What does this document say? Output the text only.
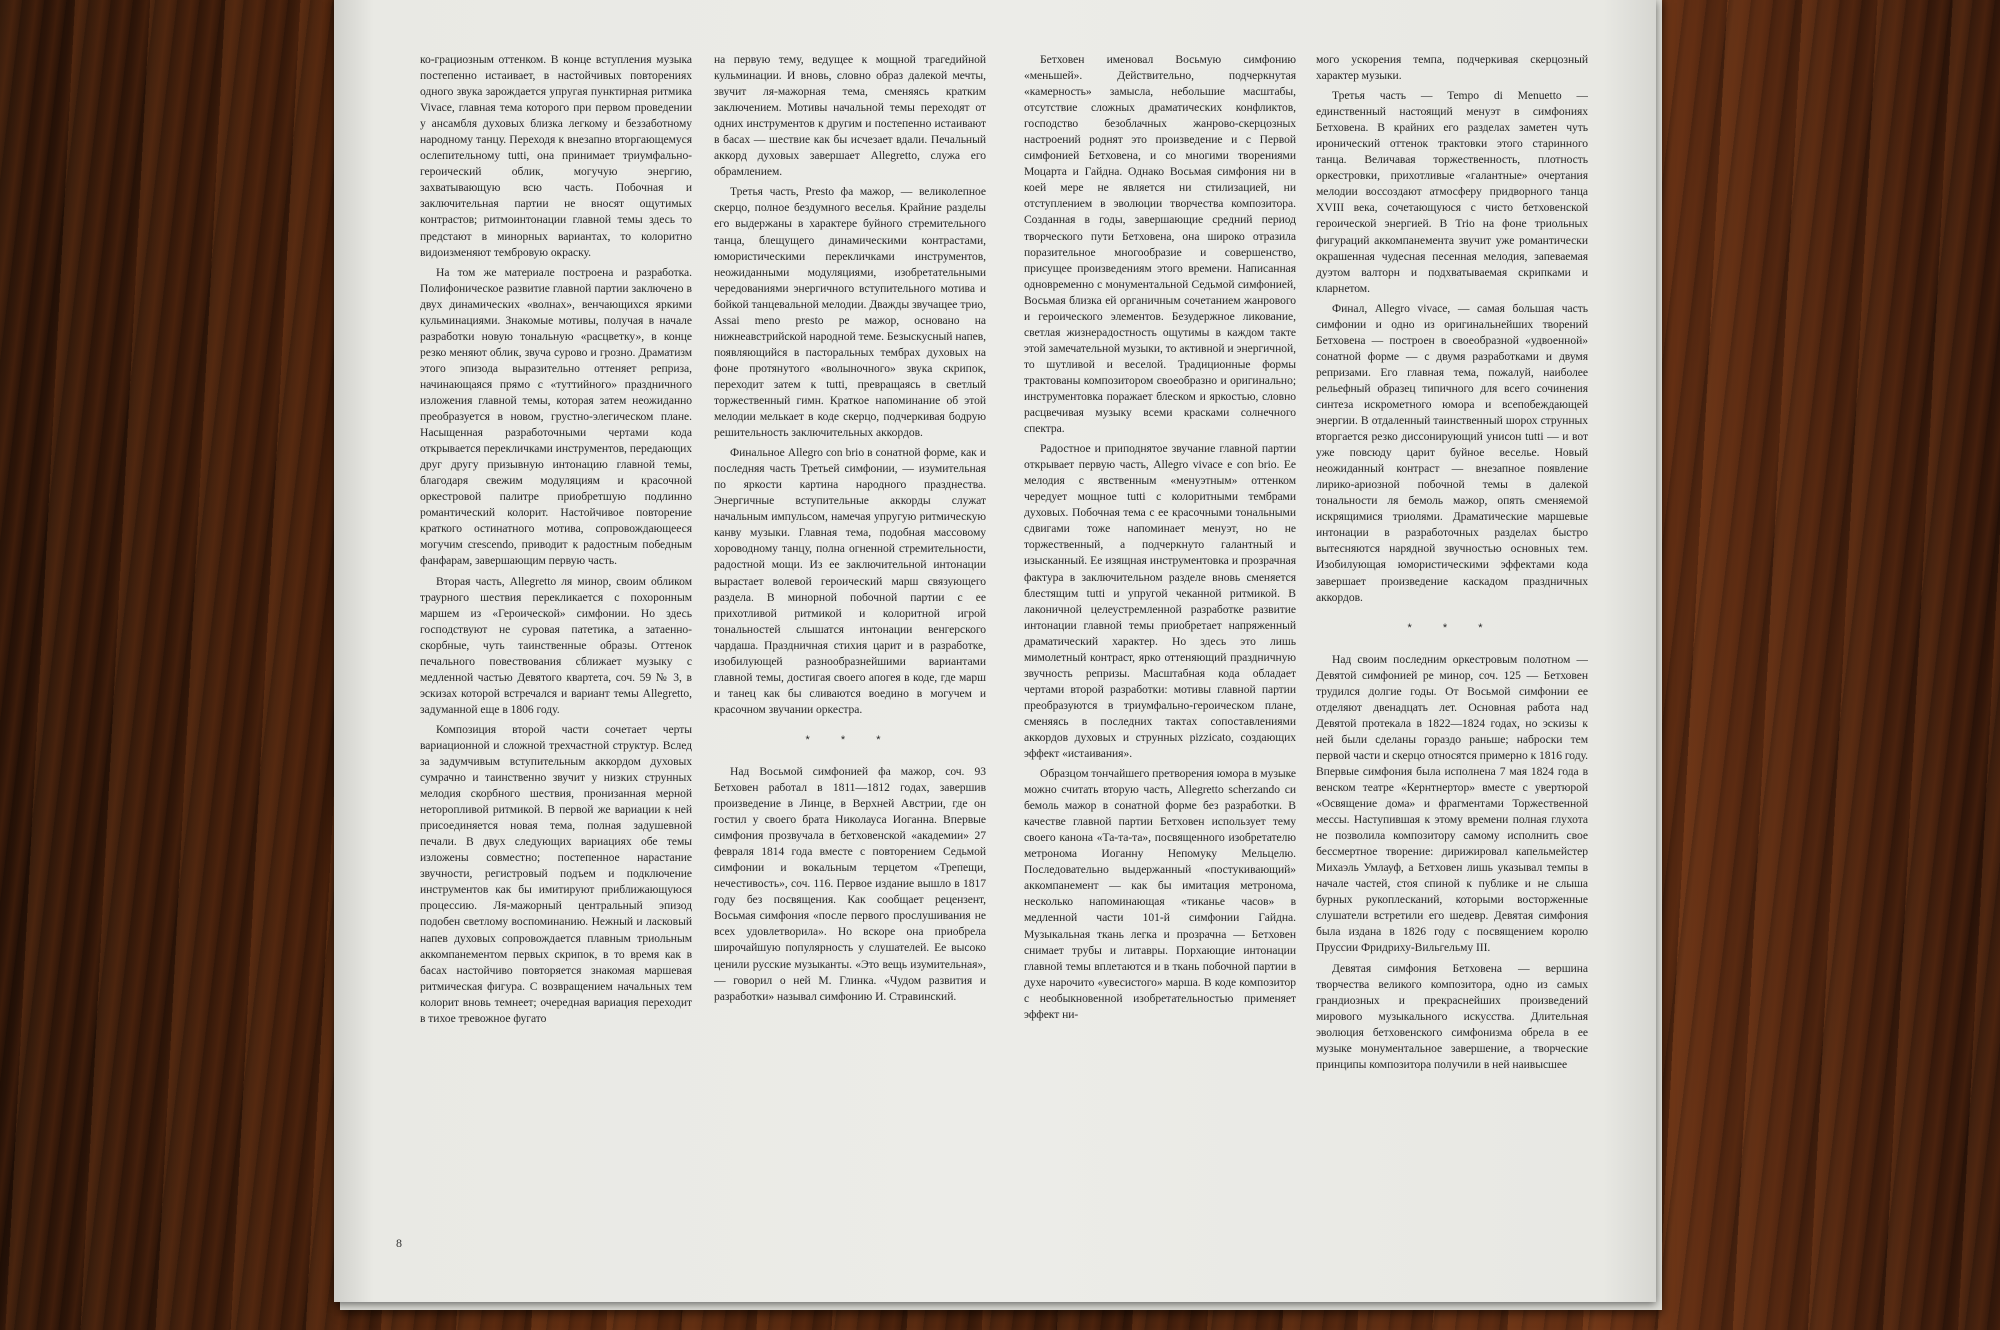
ко-грациозным оттенком. В конце вступления музыка постепенно истаивает, в настойчивых повторениях одного звука зарождается упругая пунктирная ритмика Vivace, главная тема которого при первом проведении у ансамбля духовых близка легкому и беззаботному народному танцу. Переходя к внезапно вторгающемуся ослепительному tutti, она принимает триумфально-героический облик, могучую энергию, захватывающую всю часть. Побочная и заключительная партии не вносят ощутимых контрастов; ритмоинтонации главной темы здесь то предстают в минорных вариантах, то колоритно видоизменяют тембровую окраску.

На том же материале построена и разработка. Полифоническое развитие главной партии заключено в двух динамических «волнах», венчающихся яркими кульминациями. Знакомые мотивы, получая в начале разработки новую тональную «расцветку», в конце резко меняют облик, звуча сурово и грозно. Драматизм этого эпизода выразительно оттеняет реприза, начинающаяся прямо с «туттийного» праздничного изложения главной темы, которая затем неожиданно преобразуется в новом, грустно-элегическом плане. Насыщенная разработочными чертами кода открывается перекличками инструментов, передающих друг другу призывную интонацию главной темы, благодаря свежим модуляциям и красочной оркестровой палитре приобретшую подлинно романтический колорит. Настойчивое повторение краткого остинатного мотива, сопровождающееся могучим crescendo, приводит к радостным победным фанфарам, завершающим первую часть.

Вторая часть, Allegretto ля минор, своим обликом траурного шествия перекликается с похоронным маршем из «Героической» симфонии. Но здесь господствуют не суровая патетика, а затаенно-скорбные, чуть таинственные образы. Оттенок печального повествования сближает музыку с медленной частью Девятого квартета, соч. 59 № 3, в эскизах которой встречался и вариант темы Allegretto, задуманной еще в 1806 году.

Композиция второй части сочетает черты вариационной и сложной трехчастной структур. Вслед за задумчивым вступительным аккордом духовых сумрачно и таинственно звучит у низких струнных мелодия скорбного шествия, пронизанная мерной неторопливой ритмикой. В первой же вариации к ней присоединяется новая тема, полная задушевной печали. В двух следующих вариациях обе темы изложены совместно; постепенное нарастание звучности, регистровый подъем и подключение инструментов как бы имитируют приближающуюся процессию. Ля-мажорный центральный эпизод подобен светлому воспоминанию. Нежный и ласковый напев духовых сопровождается плавным триольным аккомпанементом первых скрипок, в то время как в басах настойчиво повторяется знакомая маршевая ритмическая фигура. С возвращением начальных тем колорит вновь темнеет; очередная вариация переходит в тихое тревожное фугато

на первую тему, ведущее к мощной трагедийной кульминации. И вновь, словно образ далекой мечты, звучит ля-мажорная тема, сменяясь кратким заключением. Мотивы начальной темы переходят от одних инструментов к другим и постепенно истаивают в басах — шествие как бы исчезает вдали. Печальный аккорд духовых завершает Allegretto, служа его обрамлением.

Третья часть, Presto фа мажор, — великолепное скерцо, полное бездумного веселья. Крайние разделы его выдержаны в характере буйного стремительного танца, блещущего динамическими контрастами, юмористическими перекличками инструментов, неожиданными модуляциями, изобретательными чередованиями энергичного вступительного мотива и бойкой танцевальной мелодии. Дважды звучащее трио, Assai meno presto ре мажор, основано на нижнеавстрийской народной теме. Безыскусный напев, появляющийся в пасторальных тембрах духовых на фоне протянутого «волыночного» звука скрипок, переходит затем к tutti, превращаясь в светлый торжественный гимн. Краткое напоминание об этой мелодии мелькает в коде скерцо, подчеркивая бодрую решительность заключительных аккордов.

Финальное Allegro con brio в сонатной форме, как и последняя часть Третьей симфонии, — изумительная по яркости картина народного празднества. Энергичные вступительные аккорды служат начальным импульсом, намечая упругую ритмическую канву музыки. Главная тема, подобная массовому хороводному танцу, полна огненной стремительности, радостной мощи. Из ее заключительной интонации вырастает волевой героический марш связующего раздела. В минорной побочной партии с ее прихотливой ритмикой и колоритной игрой тональностей слышатся интонации венгерского чардаша. Праздничная стихия царит и в разработке, изобилующей разнообразнейшими вариантами главной темы, достигая своего апогея в коде, где марш и танец как бы сливаются воедино в могучем и красочном звучании оркестра.

* * *

Над Восьмой симфонией фа мажор, соч. 93 Бетховен работал в 1811—1812 годах, завершив произведение в Линце, в Верхней Австрии, где он гостил у своего брата Николауса Иоганна. Впервые симфония прозвучала в бетховенской «академии» 27 февраля 1814 года вместе с повторением Седьмой симфонии и вокальным терцетом «Трепещи, нечестивость», соч. 116. Первое издание вышло в 1817 году без посвящения. Как сообщает рецензент, Восьмая симфония «после первого прослушивания не всех удовлетворила». Но вскоре она приобрела широчайшую популярность у слушателей. Ее высоко ценили русские музыканты. «Это вещь изумительная», — говорил о ней М. Глинка. «Чудом развития и разработки» называл симфонию И. Стравинский.

Бетховен именовал Восьмую симфонию «меньшей». Действительно, подчеркнутая «камерность» замысла, небольшие масштабы, отсутствие сложных драматических конфликтов, господство безоблачных жанрово-скерцозных настроений роднят это произведение и с Первой симфонией Бетховена, и со многими творениями Моцарта и Гайдна. Однако Восьмая симфония ни в коей мере не является ни стилизацией, ни отступлением в эволюции творчества композитора. Созданная в годы, завершающие средний период творческого пути Бетховена, она широко отразила поразительное многообразие и совершенство, присущее произведениям этого времени. Написанная одновременно с монументальной Седьмой симфонией, Восьмая близка ей органичным сочетанием жанрового и героического элементов. Безудержное ликование, светлая жизнерадостность ощутимы в каждом такте этой замечательной музыки, то активной и энергичной, то шутливой и веселой. Традиционные формы трактованы композитором своеобразно и оригинально; инструментовка поражает блеском и яркостью, словно расцвечивая музыку всеми красками солнечного спектра.

Радостное и приподнятое звучание главной партии открывает первую часть, Allegro vivace e con brio. Ее мелодия с явственным «менуэтным» оттенком чередует мощное tutti с колоритными тембрами духовых. Побочная тема с ее красочными тональными сдвигами тоже напоминает менуэт, но не торжественный, а подчеркнуто галантный и изысканный. Ее изящная инструментовка и прозрачная фактура в заключительном разделе вновь сменяется блестящим tutti и упругой чеканной ритмикой. В лаконичной целеустремленной разработке развитие интонации главной темы приобретает напряженный драматический характер. Но здесь это лишь мимолетный контраст, ярко оттеняющий праздничную звучность репризы. Масштабная кода обладает чертами второй разработки: мотивы главной партии преобразуются в триумфально-героическом плане, сменяясь в последних тактах сопоставлениями аккордов духовых и струнных pizzicato, создающих эффект «истаивания».

Образцом тончайшего претворения юмора в музыке можно считать вторую часть, Allegretto scherzando си бемоль мажор в сонатной форме без разработки. В качестве главной партии Бетховен использует тему своего канона «Та-та-та», посвященного изобретателю метронома Иоганну Непомуку Мельцелю. Последовательно выдержанный «постукивающий» аккомпанемент — как бы имитация метронома, несколько напоминающая «тиканье часов» в медленной части 101-й симфонии Гайдна. Музыкальная ткань легка и прозрачна — Бетховен снимает трубы и литавры. Порхающие интонации главной темы вплетаются и в ткань побочной партии в духе нарочито «увесистого» марша. В коде композитор с необыкновенной изобретательностью применяет эффект ни-

мого ускорения темпа, подчеркивая скерцозный характер музыки.

Третья часть — Tempo di Menuetto — единственный настоящий менуэт в симфониях Бетховена. В крайних его разделах заметен чуть иронический оттенок трактовки этого старинного танца. Величавая торжественность, плотность оркестровки, прихотливые «галантные» очертания мелодии воссоздают атмосферу придворного танца XVIII века, сочетающуюся с чисто бетховенской героической энергией. В Trio на фоне триольных фигураций аккомпанемента звучит уже романтически окрашенная чудесная песенная мелодия, запеваемая дуэтом валторн и подхватываемая скрипками и кларнетом.

Финал, Allegro vivace, — самая большая часть симфонии и одно из оригинальнейших творений Бетховена — построен в своеобразной «удвоенной» сонатной форме — с двумя разработками и двумя репризами. Его главная тема, пожалуй, наиболее рельефный образец типичного для всего сочинения синтеза искрометного юмора и всепобеждающей энергии. В отдаленный таинственный шорох струнных вторгается резко диссонирующий унисон tutti — и вот уже повсюду царит буйное веселье. Новый неожиданный контраст — внезапное появление лирико-ариозной побочной темы в далекой тональности ля бемоль мажор, опять сменяемой искрящимися триолями. Драматические маршевые интонации в разработочных разделах быстро вытесняются нарядной звучностью основных тем. Изобилующая юмористическими эффектами кода завершает произведение каскадом праздничных аккордов.

* * *

Над своим последним оркестровым полотном — Девятой симфонией ре минор, соч. 125 — Бетховен трудился долгие годы. От Восьмой симфонии ее отделяют двенадцать лет. Основная работа над Девятой протекала в 1822—1824 годах, но эскизы к ней были сделаны гораздо раньше; наброски тем первой части и скерцо относятся примерно к 1816 году. Впервые симфония была исполнена 7 мая 1824 года в венском театре «Кернтнертор» вместе с увертюрой «Освящение дома» и фрагментами Торжественной мессы. Наступившая к этому времени полная глухота не позволила композитору самому исполнить свое бессмертное творение: дирижировал капельмейстер Михаэль Умлауф, а Бетховен лишь указывал темпы в начале частей, стоя спиной к публике и не слыша бурных рукоплесканий, которыми восторженные слушатели встретили его шедевр. Девятая симфония была издана в 1826 году с посвящением королю Пруссии Фридриху-Вильгельму III.

Девятая симфония Бетховена — вершина творчества великого композитора, одно из самых грандиозных и прекраснейших произведений мирового музыкального искусства. Длительная эволюция бетховенского симфонизма обрела в ее музыке монументальное завершение, а творческие принципы композитора получили в ней наивысшее

8
